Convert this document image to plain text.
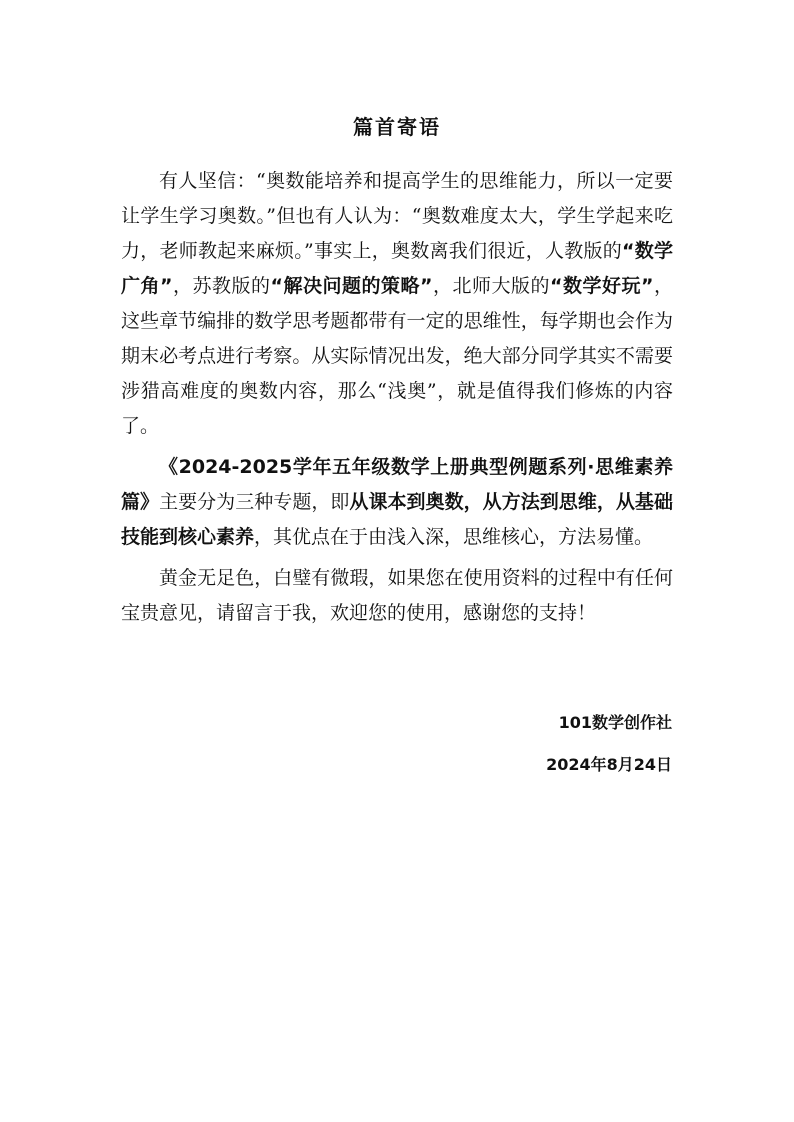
篇首寄语

有人坚信：“奥数能培养和提高学生的思维能力，所以一定要让学生学习奥数。”但也有人认为：“奥数难度太大，学生学起来吃力，老师教起来麻烦。”事实上，奥数离我们很近，人教版的“数学广角”，苏教版的“解决问题的策略”，北师大版的“数学好玩”，这些章节编排的数学思考题都带有一定的思维性，每学期也会作为期末必考点进行考察。从实际情况出发，绝大部分同学其实不需要涉猎高难度的奥数内容，那么“浅奥”，就是值得我们修炼的内容了。

《2024-2025学年五年级数学上册典型例题系列·思维素养篇》主要分为三种专题，即从课本到奥数，从方法到思维，从基础技能到核心素养，其优点在于由浅入深，思维核心，方法易懂。

黄金无足色，白璧有微瑕，如果您在使用资料的过程中有任何宝贵意见，请留言于我，欢迎您的使用，感谢您的支持！

101数学创作社
2024年8月24日
